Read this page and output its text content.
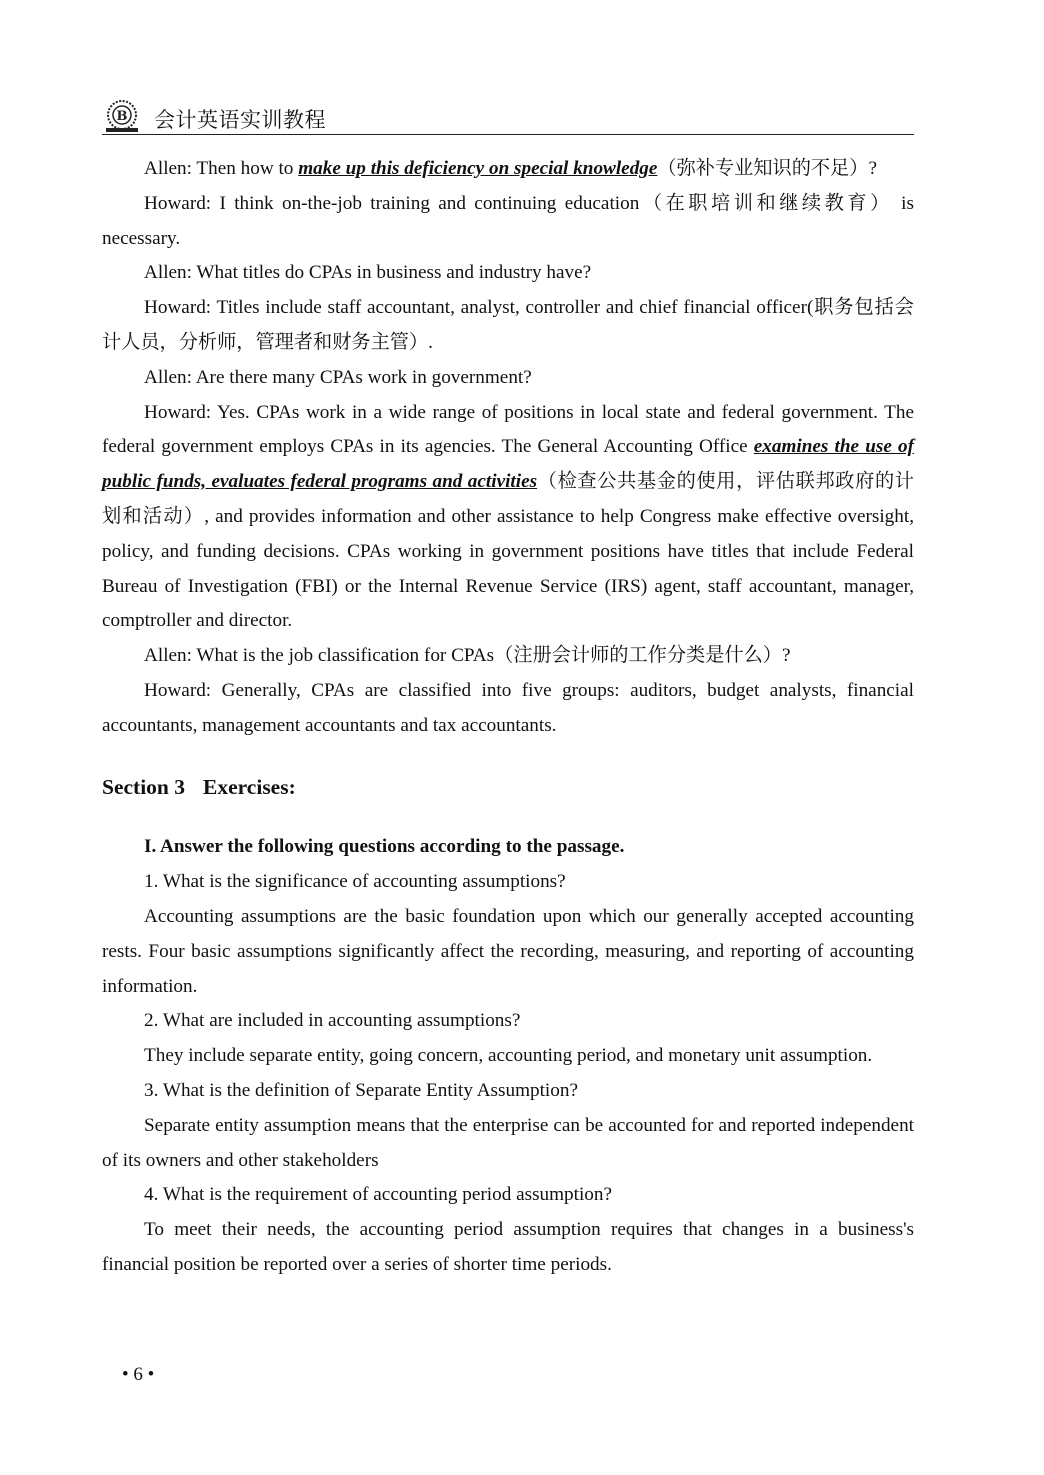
B 会计英语实训教程

Allen: Then how to make up this deficiency on special knowledge（弥补专业知识的不足）?

Howard: I think on-the-job training and continuing education（在职培训和继续教育） is necessary.

Allen: What titles do CPAs in business and industry have?

Howard: Titles include staff accountant, analyst, controller and chief financial officer(职务包括会计人员，分析师，管理者和财务主管）.

Allen: Are there many CPAs work in government?

Howard: Yes. CPAs work in a wide range of positions in local state and federal government. The federal government employs CPAs in its agencies. The General Accounting Office examines the use of public funds, evaluates federal programs and activities（检查公共基金的使用，评估联邦政府的计划和活动）, and provides information and other assistance to help Congress make effective oversight, policy, and funding decisions. CPAs working in government positions have titles that include Federal Bureau of Investigation (FBI) or the Internal Revenue Service (IRS) agent, staff accountant, manager, comptroller and director.

Allen: What is the job classification for CPAs（注册会计师的工作分类是什么）?

Howard: Generally, CPAs are classified into five groups: auditors, budget analysts, financial accountants, management accountants and tax accountants.

Section 3 Exercises:

I. Answer the following questions according to the passage.

1. What is the significance of accounting assumptions?

Accounting assumptions are the basic foundation upon which our generally accepted accounting rests. Four basic assumptions significantly affect the recording, measuring, and reporting of accounting information.

2. What are included in accounting assumptions?

They include separate entity, going concern, accounting period, and monetary unit assumption.

3. What is the definition of Separate Entity Assumption?

Separate entity assumption means that the enterprise can be accounted for and reported independent of its owners and other stakeholders

4. What is the requirement of accounting period assumption?

To meet their needs, the accounting period assumption requires that changes in a business's financial position be reported over a series of shorter time periods.

• 6 •
